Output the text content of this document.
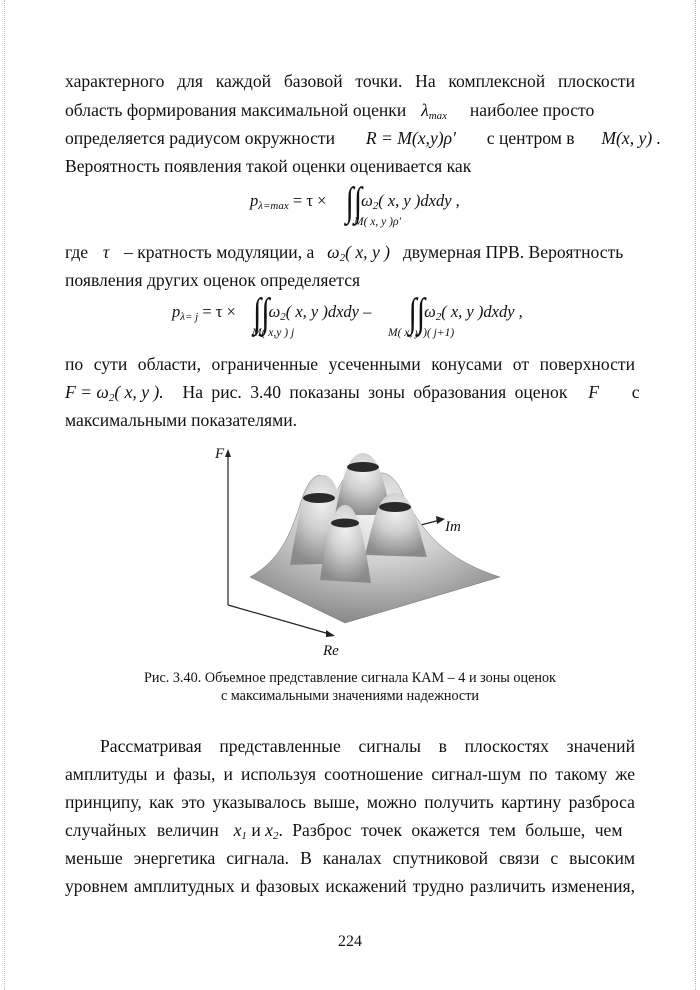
характерного для каждой базовой точки. На комплексной плоскости
область формирования максимальной оценки $\lambda_{max}$ наиболее просто
определяется радиусом окружности R = M(x,y)ρ′ с центром в M(x, y) .
Вероятность появления такой оценки оценивается как
$p_{\lambda=max} = \tau \times \int\int\omega_2$( x, y )dxdy ,
M( x, y )ρ′
где τ – кратность модуляции, а $\omega_2$( x, y ) двумерная ПРВ. Вероятность
появления других оценок определяется
$p_{\lambda= j} = \tau \times \int\int\omega_2$( x, y )dxdy – $\int\int\omega_2$( x, y )dxdy ,
M( x,y ) j	M( x, y )( j+1)
по сути области, ограниченные усеченными конусами от поверхности
$F = \omega_2$( x, y ). На рис. 3.40 показаны зоны образования оценок F с
максимальными показателями.
F
Im
Re
Рис. 3.40. Объемное представление сигнала КАМ – 4 и зоны оценок
с максимальными значениями надежности
Рассматривая представленные сигналы в плоскостях значений
амплитуды и фазы, и используя соотношение сигнал-шум по такому же
принципу, как это указывалось выше, можно получить картину разброса
случайных величин $x_1$ и $x_2$. Разброс точек окажется тем больше, чем
меньше энергетика сигнала. В каналах спутниковой связи с высоким
уровнем амплитудных и фазовых искажений трудно различить изменения,
224
